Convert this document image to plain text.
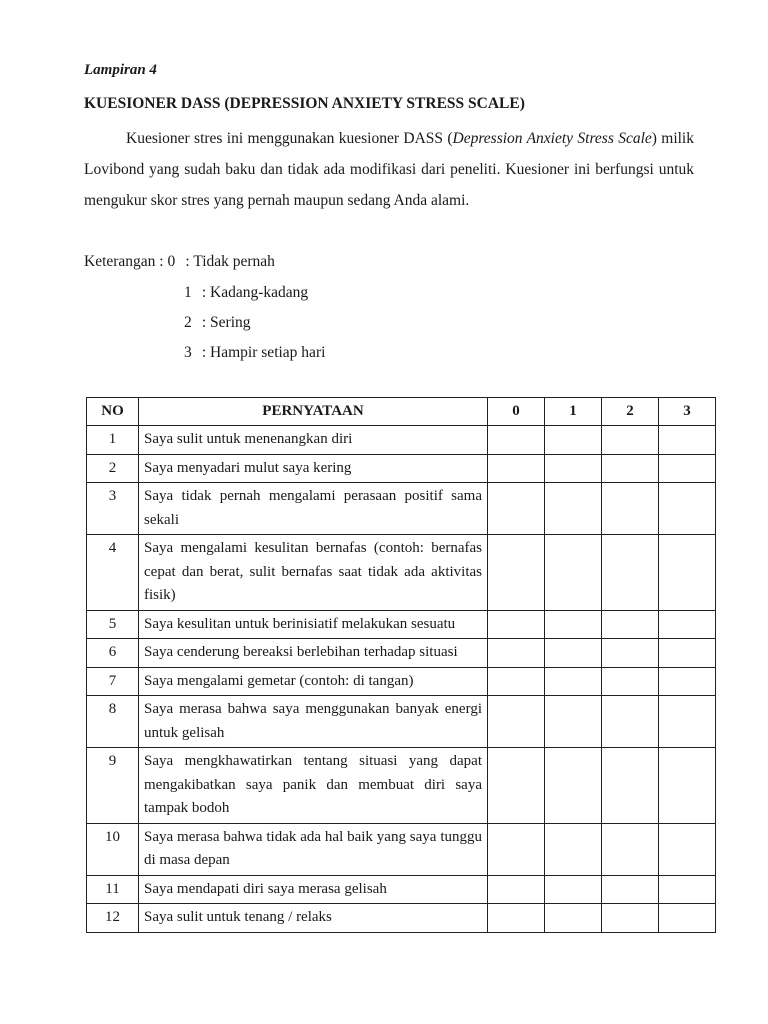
Lampiran 4
KUESIONER DASS (DEPRESSION ANXIETY STRESS SCALE)

Kuesioner stres ini menggunakan kuesioner DASS (Depression Anxiety Stress Scale) milik Lovibond yang sudah baku dan tidak ada modifikasi dari peneliti. Kuesioner ini berfungsi untuk mengukur skor stres yang pernah maupun sedang Anda alami.

Keterangan : 0 : Tidak pernah
1 : Kadang-kadang
2 : Sering
3 : Hampir setiap hari
NO	PERNYATAAN	0	1	2	3
1	Saya sulit untuk menenangkan diri				
2	Saya menyadari mulut saya kering				
3	Saya tidak pernah mengalami perasaan positif sama sekali				
4	Saya mengalami kesulitan bernafas (contoh: bernafas cepat dan berat, sulit bernafas saat tidak ada aktivitas fisik)				
5	Saya kesulitan untuk berinisiatif melakukan sesuatu				
6	Saya cenderung bereaksi berlebihan terhadap situasi				
7	Saya mengalami gemetar (contoh: di tangan)				
8	Saya merasa bahwa saya menggunakan banyak energi untuk gelisah				
9	Saya mengkhawatirkan tentang situasi yang dapat mengakibatkan saya panik dan membuat diri saya tampak bodoh				
10	Saya merasa bahwa tidak ada hal baik yang saya tunggu di masa depan				
11	Saya mendapati diri saya merasa gelisah				
12	Saya sulit untuk tenang / relaks				
